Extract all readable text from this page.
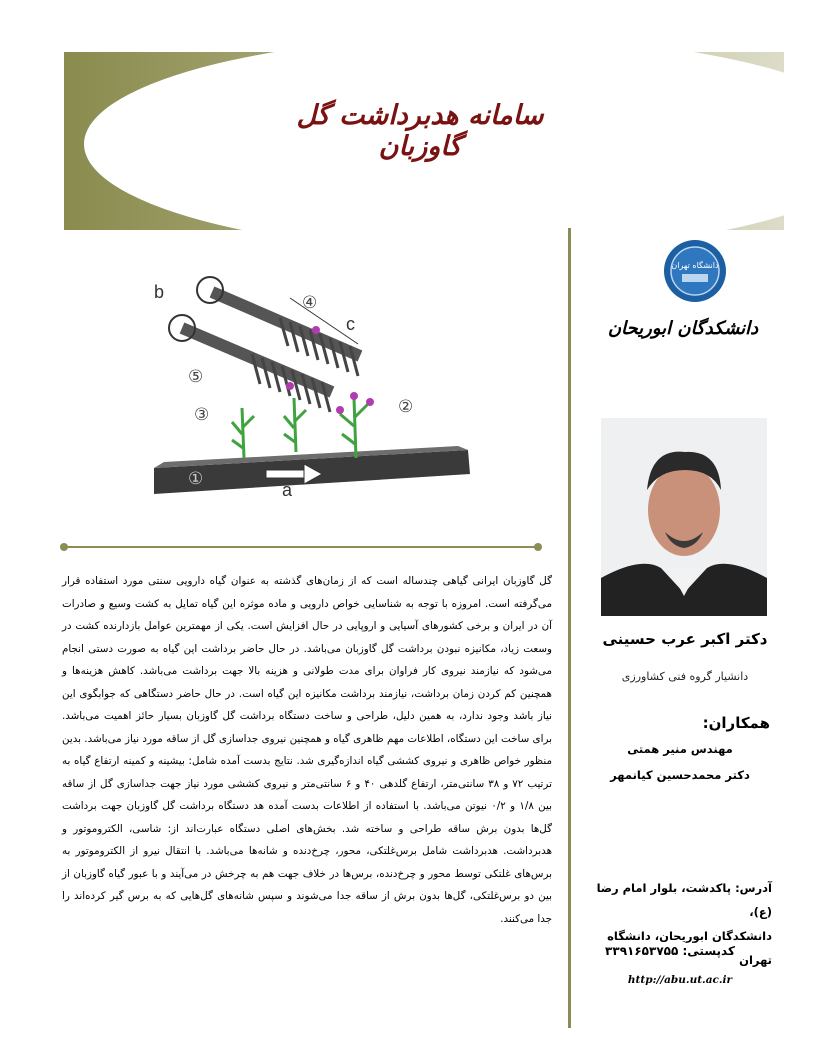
سامانه هدبرداشت گل گاوزبان
b
c
a
④
⑤
③	②
①
گل گاوزبان ایرانی گیاهی چندساله است که از زمان‌های گذشته به عنوان گیاه دارویی سنتی مورد استفاده قرار می‌گرفته است. امروزه با توجه به شناسایی خواص دارویی و ماده موثره این گیاه تمایل به کشت وسیع و صادرات آن در ایران و برخی کشورهای آسیایی و اروپایی در حال افزایش است. یکی از مهمترین عوامل بازدارنده کشت در وسعت زیاد، مکانیزه نبودن برداشت گل گاوزبان می‌باشد. در حال حاضر برداشت این گیاه به صورت دستی انجام می‌شود که نیازمند نیروی کار فراوان برای مدت طولانی و هزینه بالا جهت برداشت‌ می‌باشد. کاهش هزینه‌ها و همچنین کم کردن زمان برداشت، نیازمند برداشت مکانیزه این گیاه است. در حال حاضر دستگاهی که جوابگوی این نیاز باشد وجود ندارد، به همین دلیل، طراحی و ساخت دستگاه برداشت گل گاوزبان بسیار حائز اهمیت می‌باشد. برای ساخت این دستگاه، اطلاعات مهم ظاهری گیاه و همچنین نیروی جداسازی گل از ساقه مورد نیاز می‌باشد. بدین منظور خواص ظاهری و نیروی کششی گیاه اندازه‌گیری شد. نتایج بدست آمده شامل: بیشینه و کمینه ارتفاع گیاه به ترتیب ۷۲ و ۳۸ سانتی‌متر، ارتفاع گلدهی ۴۰ و ۶ سانتی‌متر و نیروی کششی مورد نیاز جهت جداسازی گل از ساقه بین ۱/۸ و ۰/۲ نیوتن می‌باشد. با استفاده از اطلاعات بدست آمده هد دستگاه برداشت گل گاوزبان جهت برداشت گل‌ها بدون برش ساقه طراحی و ساخته شد. بخش‌های اصلی دستگاه عبارت‌اند از: شاسی، الکتروموتور و هدبرداشت. هدبرداشت شامل برس‌غلتکی، محور، چرخ‌دنده و شانه‌ها می‌باشد. با انتقال نیرو از الکتروموتور به برس‌های غلتکی توسط محور و چرخ‌دنده، برس‌ها در خلاف جهت هم به چرخش در می‌آیند و با عبور گیاه گاوزبان از بین دو برس‌غلتکی، گل‌ها بدون برش از ساقه جدا می‌شوند و سپس شانه‌های گل‌هایی که به برس گیر کرده‌اند را جدا می‌کنند.
دانشگاه تهران
دانشکدگان ابوریحان
دکتر اکبر عرب حسینی
دانشیار گروه فنی کشاورزی
همکاران:
مهندس منیر همتی
دکتر محمدحسین کیانمهر
آدرس: پاکدشت، بلوار امام رضا (ع)،
دانشکدگان ابوریحان، دانشگاه تهران
کدپستی: ۳۳۹۱۶۵۳۷۵۵
http://abu.ut.ac.ir
